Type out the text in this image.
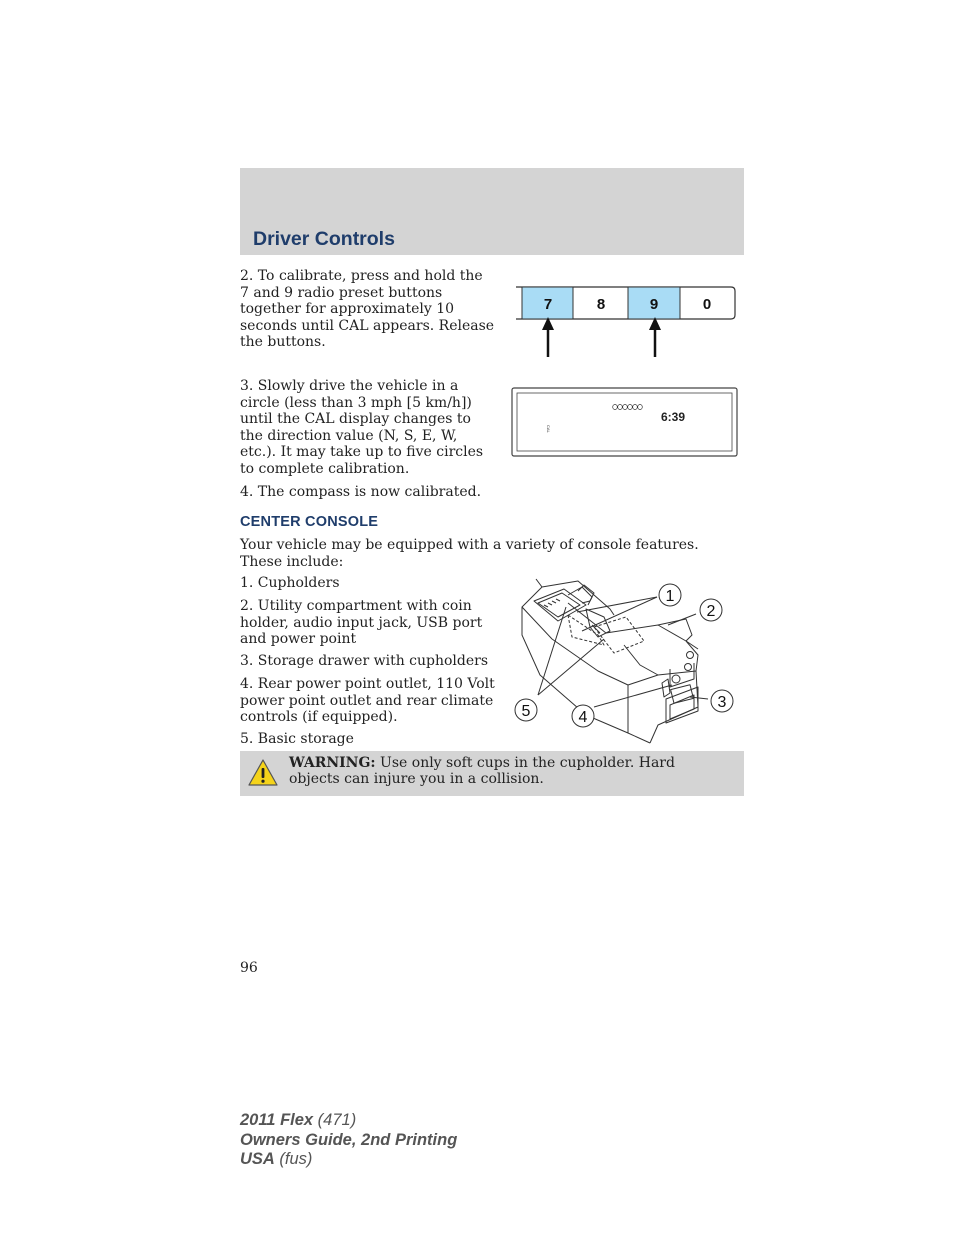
Driver Controls

2. To calibrate, press and hold the 7 and 9 radio preset buttons together for approximately 10 seconds until CAL appears. Release the buttons.

7	8	9	0

3. Slowly drive the vehicle in a circle (less than 3 mph [5 km/h]) until the CAL display changes to the direction value (N, S, E, W, etc.). It may take up to five circles to complete calibration.

6:39
CAL

4. The compass is now calibrated.

CENTER CONSOLE

Your vehicle may be equipped with a variety of console features. These include:

1. Cupholders

2. Utility compartment with coin holder, audio input jack, USB port and power point

3. Storage drawer with cupholders

4. Rear power point outlet, 110 Volt power point outlet and rear climate controls (if equipped).

5. Basic storage

1
2
3
4
5
WARNING: Use only soft cups in the cupholder. Hard objects can injure you in a collision.
96
2011 Flex (471)
Owners Guide, 2nd Printing
USA (fus)
